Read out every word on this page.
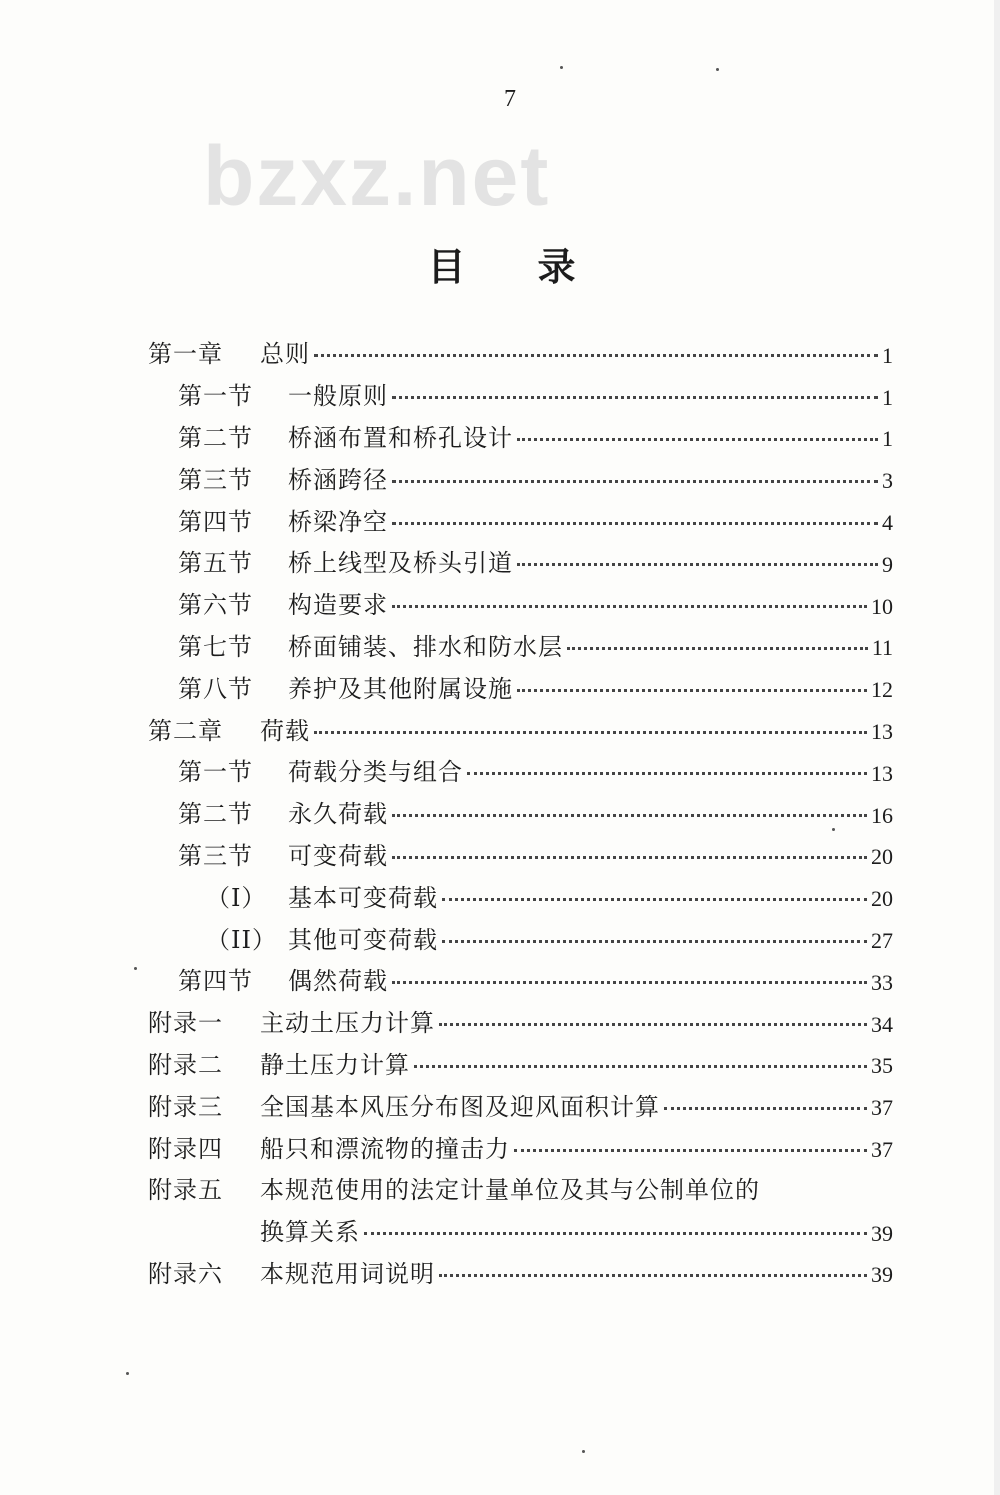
7
bzxz.net
目录
第一章	总则	1
第一节	一般原则	1
第二节	桥涵布置和桥孔设计	1
第三节	桥涵跨径	3
第四节	桥梁净空	4
第五节	桥上线型及桥头引道	9
第六节	构造要求	10
第七节	桥面铺装、排水和防水层	11
第八节	养护及其他附属设施	12
第二章	荷载	13
第一节	荷载分类与组合	13
第二节	永久荷载	16
第三节	可变荷载	20
（I） 基本可变荷载	20
（II） 其他可变荷载	27
第四节	偶然荷载	33
附录一	主动土压力计算	34
附录二	静土压力计算	35
附录三	全国基本风压分布图及迎风面积计算	37
附录四	船只和漂流物的撞击力	37
附录五	本规范使用的法定计量单位及其与公制单位的
换算关系	39
附录六	本规范用词说明	39
